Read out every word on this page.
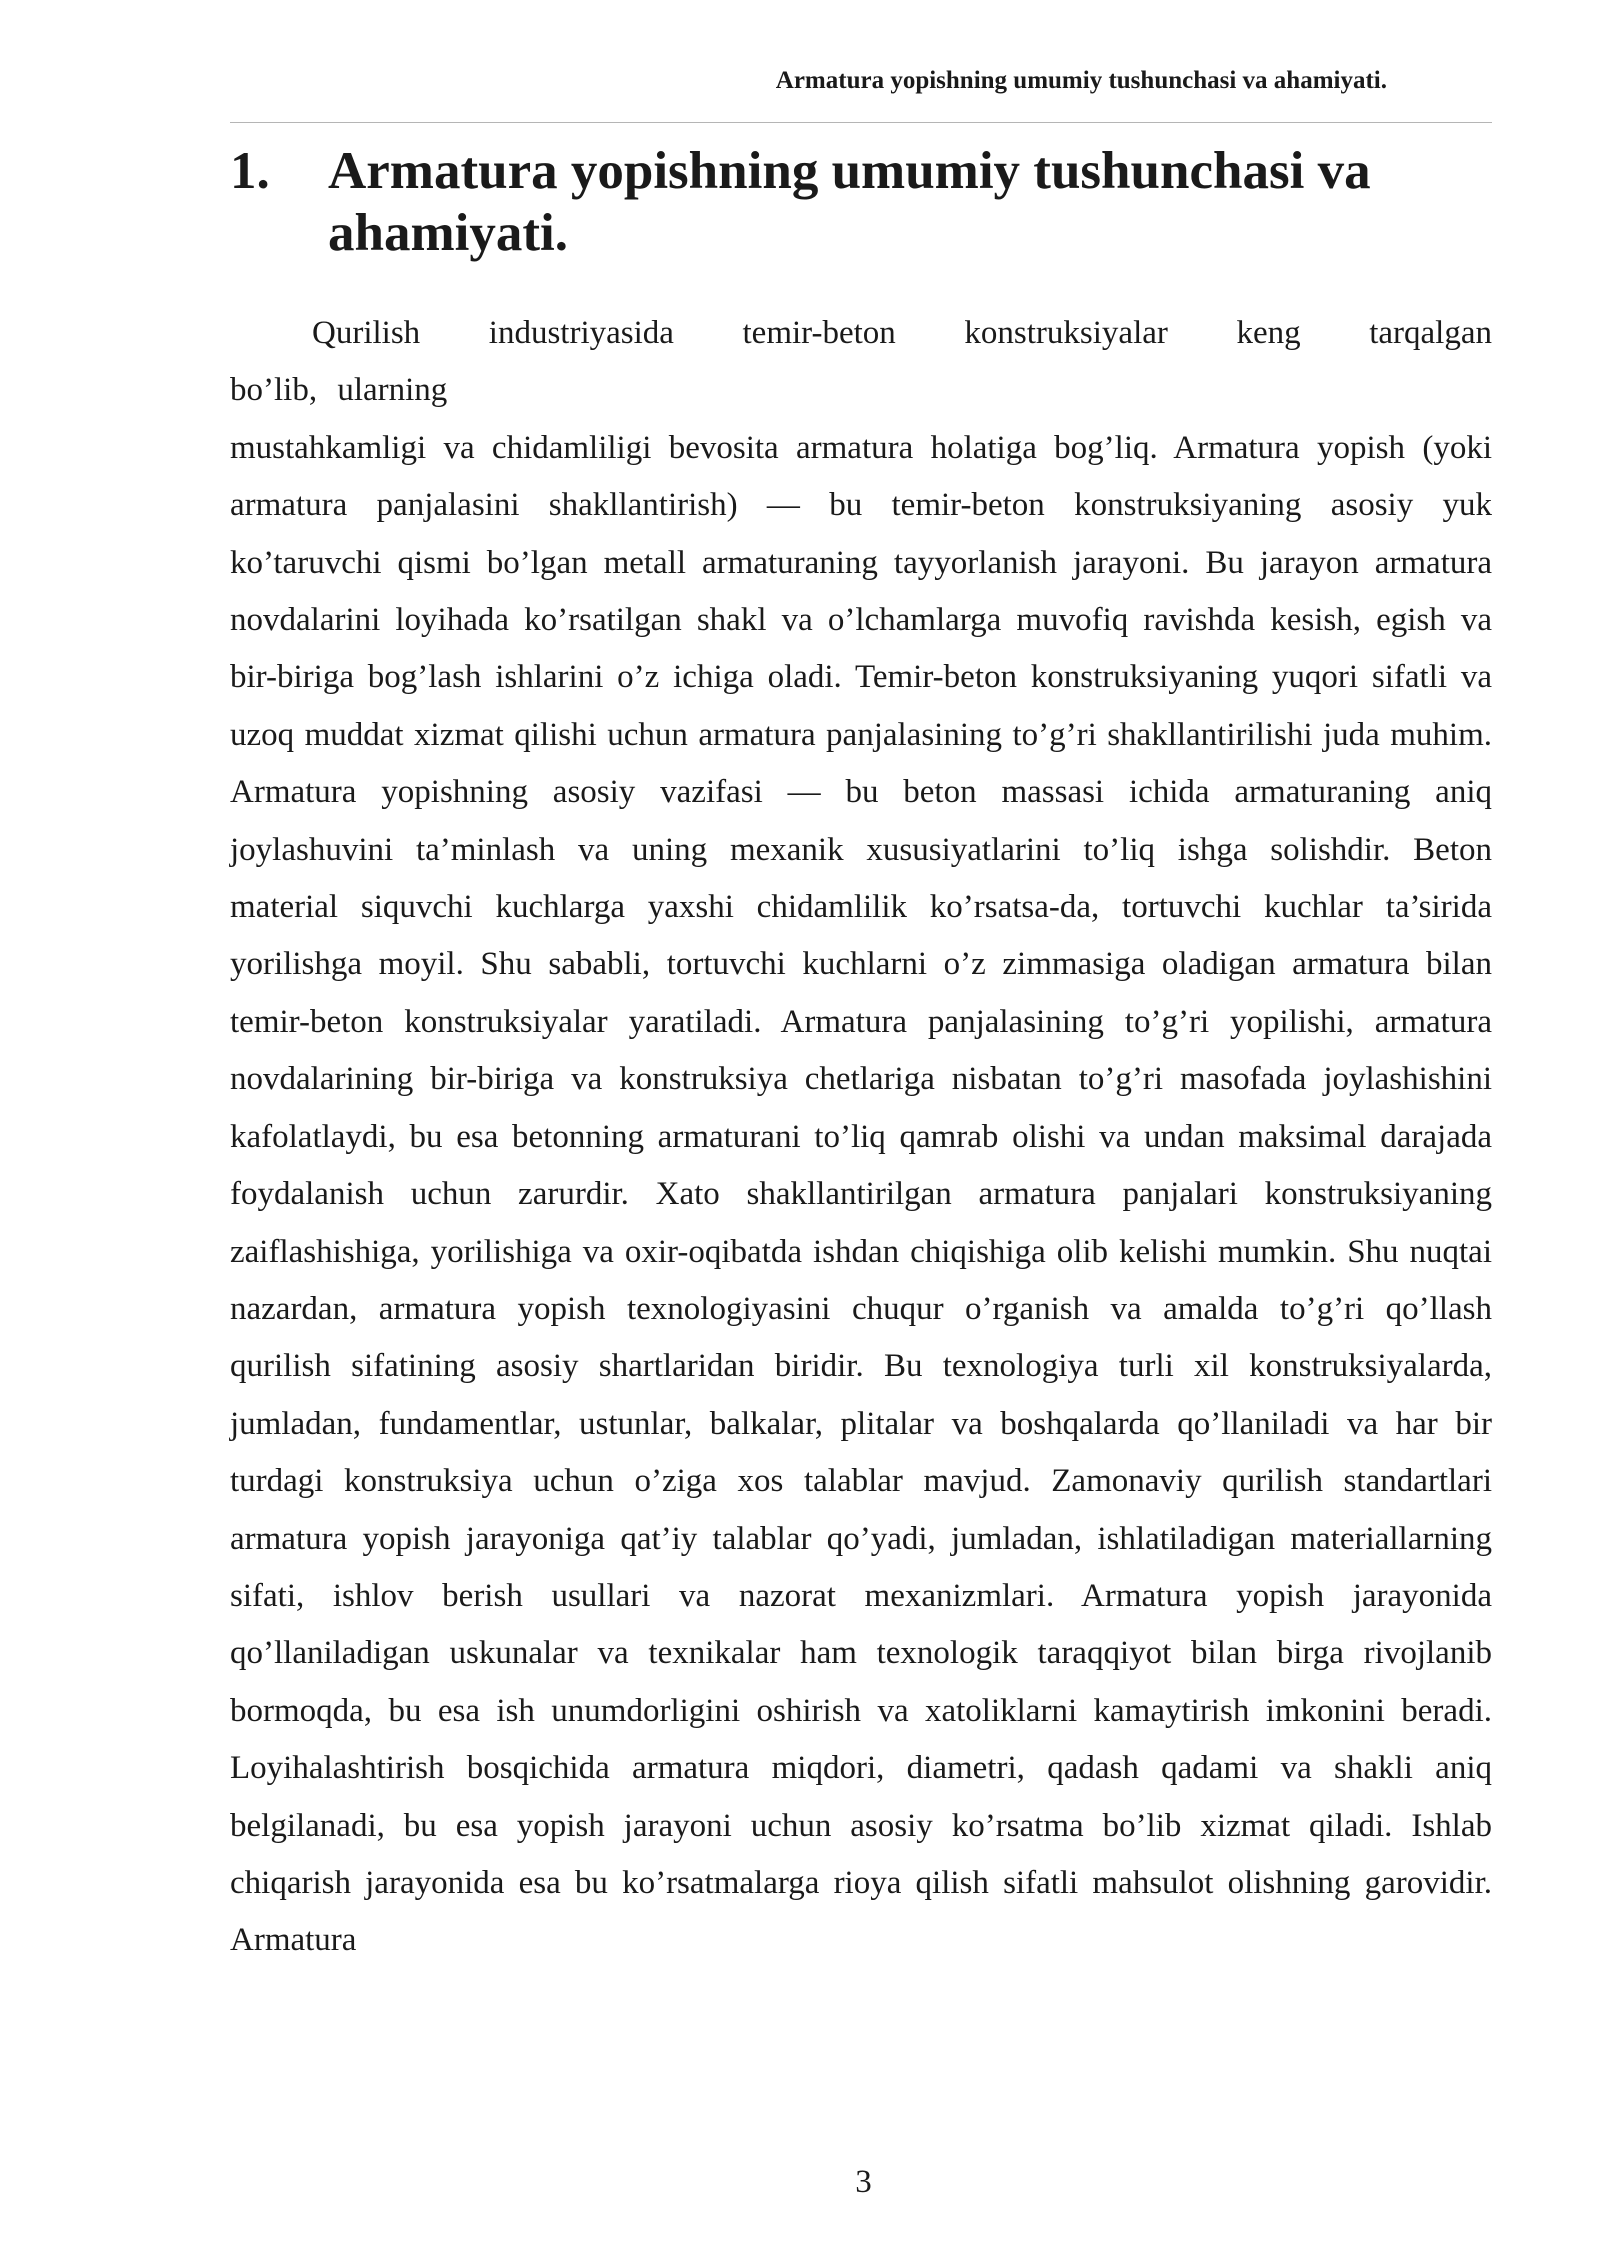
Armatura yopishning umumiy tushunchasi va ahamiyati.
1.	Armatura yopishning umumiy tushunchasi va ahamiyati.
Qurilish industriyasida temir-beton konstruksiyalar keng tarqalgan
bo’lib, ularning
mustahkamligi va chidamliligi bevosita armatura holatiga bog’liq. Armatura yopish (yoki armatura panjalasini shakllantirish) — bu temir-beton konstruksiyaning asosiy yuk ko’taruvchi qismi bo’lgan metall armaturaning tayyorlanish jarayoni. Bu jarayon armatura novdalarini loyihada ko’rsatilgan shakl va o’lchamlarga muvofiq ravishda kesish, egish va bir-biriga bog’lash ishlarini o’z ichiga oladi. Temir-beton konstruksiyaning yuqori sifatli va uzoq muddat xizmat qilishi uchun armatura panjalasining to’g’ri shakllantirilishi juda muhim. Armatura yopishning asosiy vazifasi — bu beton massasi ichida armaturaning aniq joylashuvini ta’minlash va uning mexanik xususiyatlarini to’liq ishga solishdir. Beton material siquvchi kuchlarga yaxshi chidamlilik ko’rsatsa-da, tortuvchi kuchlar ta’sirida yorilishga moyil. Shu sababli, tortuvchi kuchlarni o’z zimmasiga oladigan armatura bilan temir-beton konstruksiyalar yaratiladi. Armatura panjalasining to’g’ri yopilishi, armatura novdalarining bir-biriga va konstruksiya chetlariga nisbatan to’g’ri masofada joylashishini kafolatlaydi, bu esa betonning armaturani to’liq qamrab olishi va undan maksimal darajada foydalanish uchun zarurdir. Xato shakllantirilgan armatura panjalari konstruksiyaning zaiflashishiga, yorilishiga va oxir-oqibatda ishdan chiqishiga olib kelishi mumkin. Shu nuqtai nazardan, armatura yopish texnologiyasini chuqur o’rganish va amalda to’g’ri qo’llash qurilish sifatining asosiy shartlaridan biridir. Bu texnologiya turli xil konstruksiyalarda, jumladan, fundamentlar, ustunlar, balkalar, plitalar va boshqalarda qo’llaniladi va har bir turdagi konstruksiya uchun o’ziga xos talablar mavjud. Zamonaviy qurilish standartlari armatura yopish jarayoniga qat’iy talablar qo’yadi, jumladan, ishlatiladigan materiallarning sifati, ishlov berish usullari va nazorat mexanizmlari. Armatura yopish jarayonida qo’llaniladigan uskunalar va texnikalar ham texnologik taraqqiyot bilan birga rivojlanib bormoqda, bu esa ish unumdorligini oshirish va xatoliklarni kamaytirish imkonini beradi. Loyihalashtirish bosqichida armatura miqdori, diametri, qadash qadami va shakli aniq belgilanadi, bu esa yopish jarayoni uchun asosiy ko’rsatma bo’lib xizmat qiladi. Ishlab chiqarish jarayonida esa bu ko’rsatmalarga rioya qilish sifatli mahsulot olishning garovidir. Armatura
3
